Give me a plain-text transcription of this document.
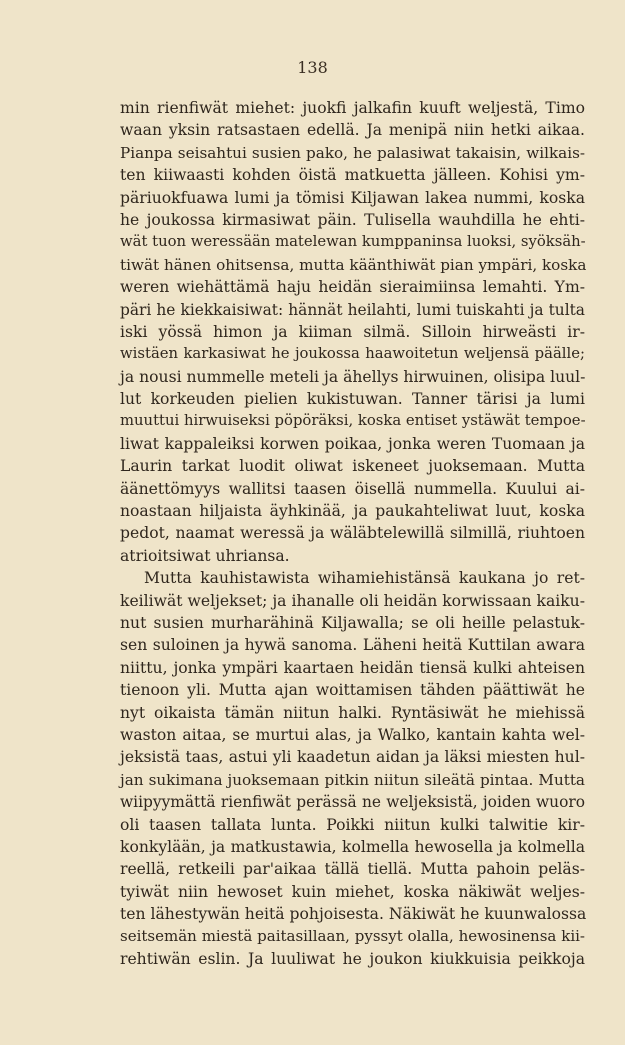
138
min rienfiwät miehet: juokfi jalkafin kuuft weljestä, Timo
waan yksin ratsastaen edellä. Ja menipä niin hetki aikaa.
Pianpa seisahtui susien pako, he palasiwat takaisin, wilkais-
ten kiiwaasti kohden öistä matkuetta jälleen. Kohisi ym-
päriuokfuawa lumi ja tömisi Kiljawan lakea nummi, koska
he joukossa kirmasiwat päin. Tulisella wauhdilla he ehti-
wät tuon weressään matelewan kumppaninsa luoksi, syöksäh-
tiwät hänen ohitsensa, mutta käänthiwät pian ympäri, koska
weren wiehättämä haju heidän sieraimiinsa lemahti. Ym-
päri he kiekkaisiwat: hännät heilahti, lumi tuiskahti ja tulta
iski yössä himon ja kiiman silmä. Silloin hirweästi ir-
wistäen karkasiwat he joukossa haawoitetun weljensä päälle;
ja nousi nummelle meteli ja ähellys hirwuinen, olisipa luul-
lut korkeuden pielien kukistuwan. Tanner tärisi ja lumi
muuttui hirwuiseksi pöpöräksi, koska entiset ystäwät tempoe-
liwat kappaleiksi korwen poikaa, jonka weren Tuomaan ja
Laurin tarkat luodit oliwat iskeneet juoksemaan. Mutta
äänettömyys wallitsi taasen öisellä nummella. Kuului ai-
noastaan hiljaista äyhkinää, ja paukahteliwat luut, koska
pedot, naamat weressä ja wäläbtelewillä silmillä, riuhtoen
atrioitsiwat uhriansa.
Mutta kauhistawista wihamiehistänsä kaukana jo ret-
keiliwät weljekset; ja ihanalle oli heidän korwissaan kaiku-
nut susien murharähinä Kiljawalla; se oli heille pelastuk-
sen suloinen ja hywä sanoma. Läheni heitä Kuttilan awara
niittu, jonka ympäri kaartaen heidän tiensä kulki ahteisen
tienoon yli. Mutta ajan woittamisen tähden päättiwät he
nyt oikaista tämän niitun halki. Ryntäsiwät he miehissä
waston aitaa, se murtui alas, ja Walko, kantain kahta wel-
jeksistä taas, astui yli kaadetun aidan ja läksi miesten hul-
jan sukimana juoksemaan pitkin niitun sileätä pintaa. Mutta
wiipyymättä rienfiwät perässä ne weljeksistä, joiden wuoro
oli taasen tallata lunta. Poikki niitun kulki talwitie kir-
konkylään, ja matkustawia, kolmella hewosella ja kolmella
reellä, retkeili par'aikaa tällä tiellä. Mutta pahoin peläs-
tyiwät niin hewoset kuin miehet, koska näkiwät weljes-
ten lähestywän heitä pohjoisesta. Näkiwät he kuunwalossa
seitsemän miestä paitasillaan, pyssyt olalla, hewosinensa kii-
rehtiwän eslin. Ja luuliwat he joukon kiukkuisia peikkoja
